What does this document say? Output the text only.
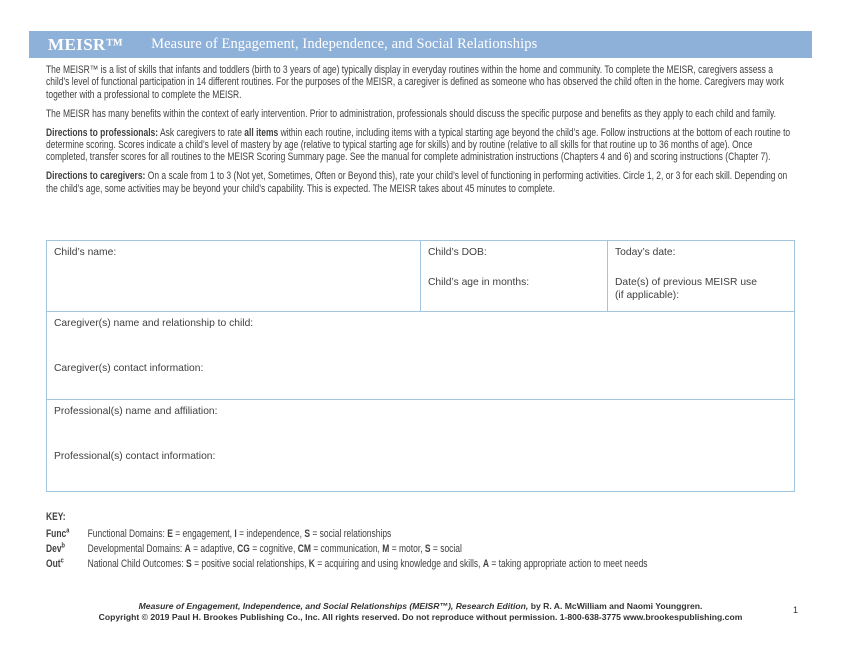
MEISR™ Measure of Engagement, Independence, and Social Relationships

The MEISR™ is a list of skills that infants and toddlers (birth to 3 years of age) typically display in everyday routines within the home and community. To complete the MEISR, caregivers assess a child’s level of functional participation in 14 different routines. For the purposes of the MEISR, a caregiver is defined as someone who has observed the child often in the home. Caregivers may work together with a professional to complete the MEISR.

The MEISR has many benefits within the context of early intervention. Prior to administration, professionals should discuss the specific purpose and benefits as they apply to each child and family.

Directions to professionals: Ask caregivers to rate all items within each routine, including items with a typical starting age beyond the child’s age. Follow instructions at the bottom of each routine to determine scoring. Scores indicate a child’s level of mastery by age (relative to typical starting age for skills) and by routine (relative to all skills for that routine up to 36 months of age). Once completed, transfer scores for all routines to the MEISR Scoring Summary page. See the manual for complete administration instructions (Chapters 4 and 6) and scoring instructions (Chapter 7).

Directions to caregivers: On a scale from 1 to 3 (Not yet, Sometimes, Often or Beyond this), rate your child’s level of functioning in performing activities. Circle 1, 2, or 3 for each skill. Depending on the child’s age, some activities may be beyond your child’s capability. This is expected. The MEISR takes about 45 minutes to complete.

Child’s name:	Child’s DOB:
Child’s age in months:
Today’s date:
Date(s) of previous MEISR use (if applicable):
Caregiver(s) name and relationship to child:
Caregiver(s) contact information:
Professional(s) name and affiliation:
Professional(s) contact information:
KEY:
Func$^a$	Functional Domains: E = engagement, I = independence, S = social relationships
Dev$^b$	Developmental Domains: A = adaptive, CG = cognitive, CM = communication, M = motor, S = social
Out$^c$	National Child Outcomes: S = positive social relationships, K = acquiring and using knowledge and skills, A = taking appropriate action to meet needs
Measure of Engagement, Independence, and Social Relationships (MEISR™), Research Edition, by R. A. McWilliam and Naomi Younggren.
Copyright © 2019 Paul H. Brookes Publishing Co., Inc. All rights reserved. Do not reproduce without permission. 1-800-638-3775 www.brookespublishing.com
1
